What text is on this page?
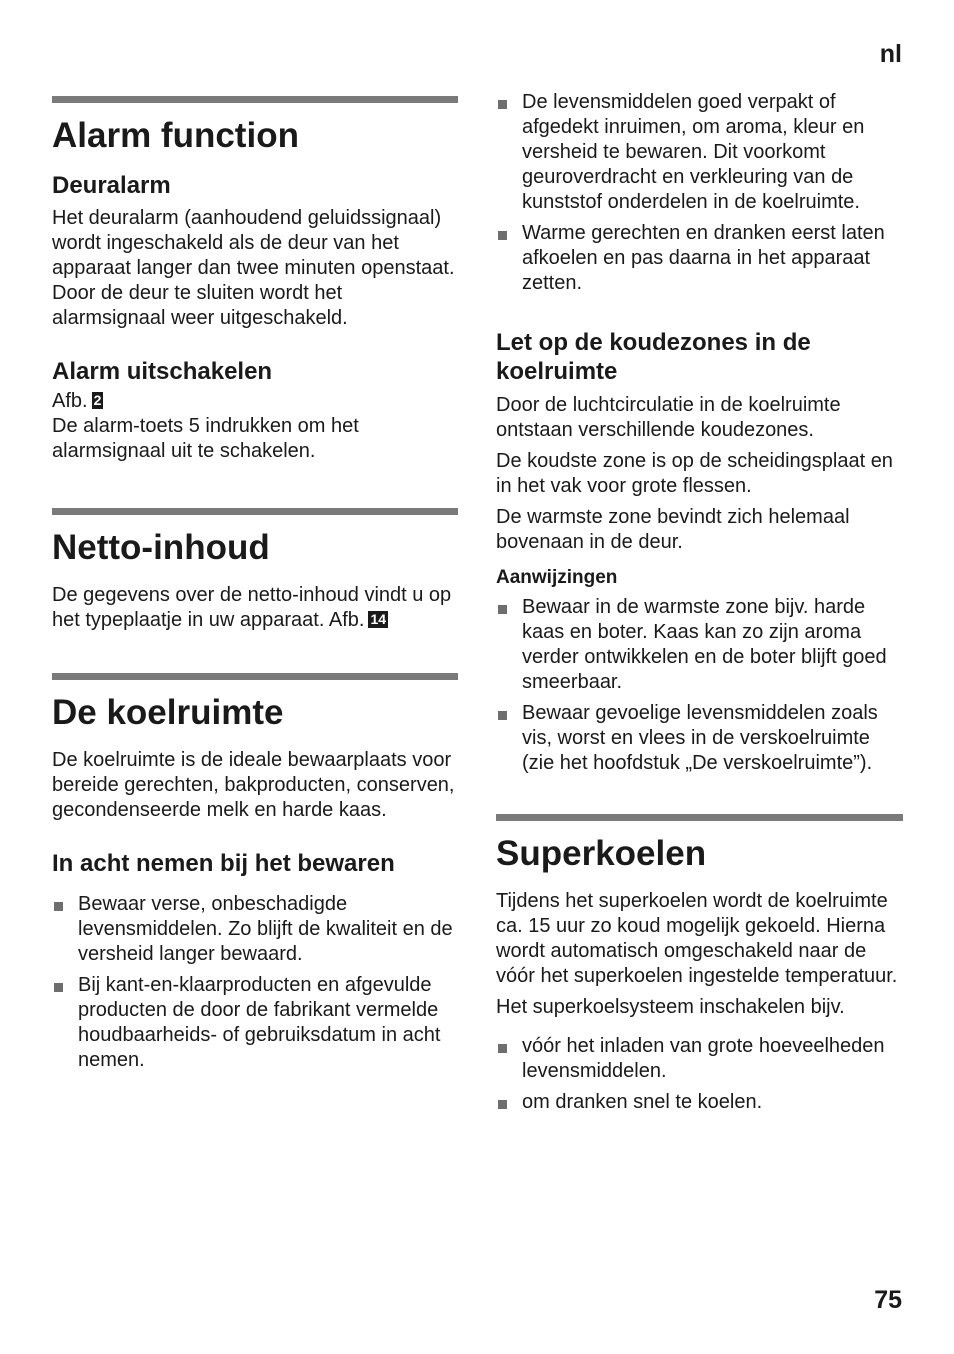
nl
Alarm function
Deuralarm

Het deuralarm (aanhoudend geluidssignaal) wordt ingeschakeld als de deur van het apparaat langer dan twee minuten openstaat. Door de deur te sluiten wordt het alarmsignaal weer uitgeschakeld.

Alarm uitschakelen

Afb. 2
De alarm-toets 5 indrukken om het alarmsignaal uit te schakelen.

Netto-inhoud

De gegevens over de netto-inhoud vindt u op het typeplaatje in uw apparaat. Afb. 14

De koelruimte

De koelruimte is de ideale bewaarplaats voor bereide gerechten, bakproducten, conserven, gecondenseerde melk en harde kaas.

In acht nemen bij het bewaren
Bewaar verse, onbeschadigde levensmiddelen. Zo blijft de kwaliteit en de versheid langer bewaard.
Bij kant-en-klaarproducten en afgevulde producten de door de fabrikant vermelde houdbaarheids- of gebruiksdatum in acht nemen.
De levensmiddelen goed verpakt of afgedekt inruimen, om aroma, kleur en versheid te bewaren. Dit voorkomt geuroverdracht en verkleuring van de kunststof onderdelen in de koelruimte.
Warme gerechten en dranken eerst laten afkoelen en pas daarna in het apparaat zetten.
Let op de koudezones in de koelruimte

Door de luchtcirculatie in de koelruimte ontstaan verschillende koudezones.

De koudste zone is op de scheidingsplaat en in het vak voor grote flessen.

De warmste zone bevindt zich helemaal bovenaan in de deur.

Aanwijzingen
Bewaar in de warmste zone bijv. harde kaas en boter. Kaas kan zo zijn aroma verder ontwikkelen en de boter blijft goed smeerbaar.
Bewaar gevoelige levensmiddelen zoals vis, worst en vlees in de verskoelruimte (zie het hoofdstuk „De verskoelruimte”).
Superkoelen

Tijdens het superkoelen wordt de koelruimte ca. 15 uur zo koud mogelijk gekoeld. Hierna wordt automatisch omgeschakeld naar de vóór het superkoelen ingestelde temperatuur.

Het superkoelsysteem inschakelen bijv.

vóór het inladen van grote hoeveelheden levensmiddelen.
om dranken snel te koelen.
75
